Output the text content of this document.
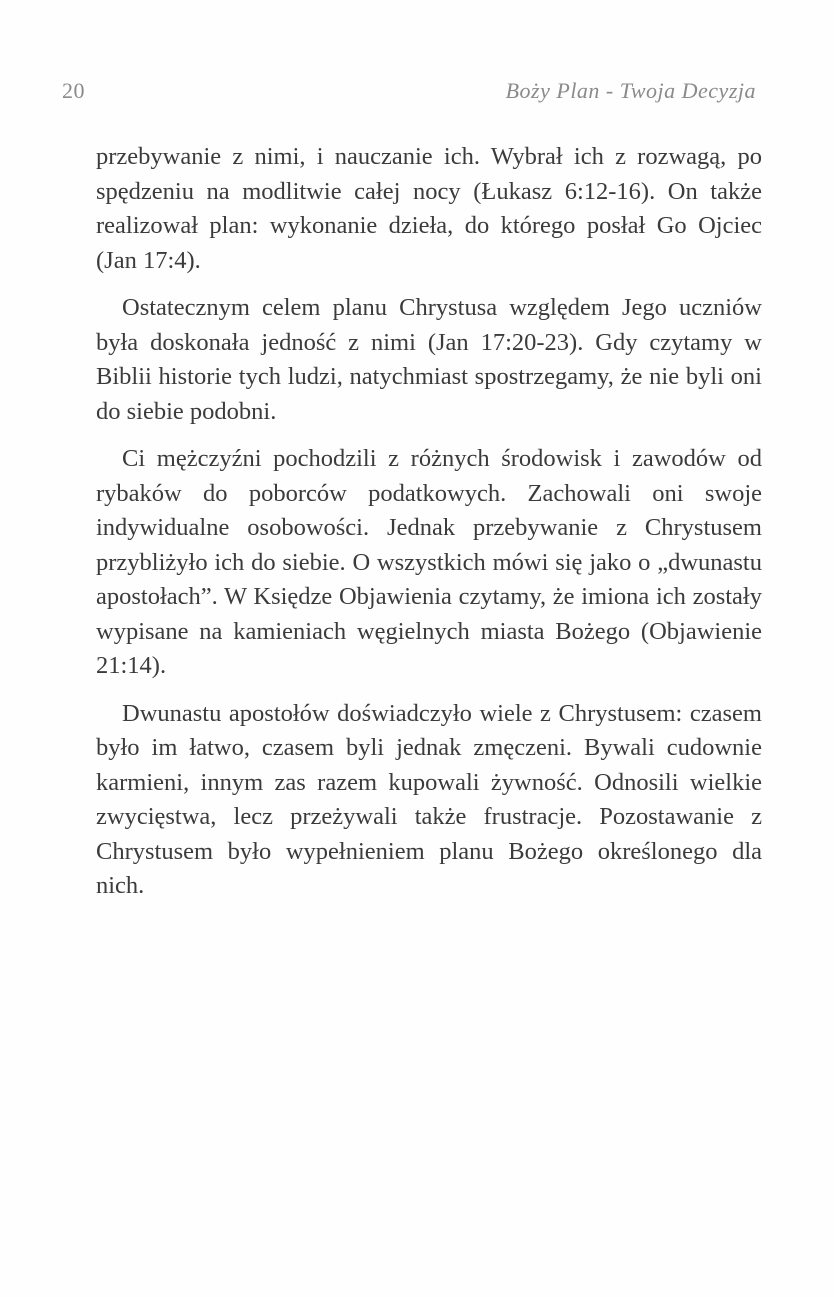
20	Boży Plan - Twoja Decyzja

przebywanie z nimi, i nauczanie ich. Wybrał ich z rozwagą, po spędzeniu na modlitwie całej nocy (Łukasz 6:12-16). On także realizował plan: wykonanie dzieła, do którego posłał Go Ojciec (Jan 17:4).

Ostatecznym celem planu Chrystusa względem Jego uczniów była doskonała jedność z nimi (Jan 17:20-23). Gdy czytamy w Biblii historie tych ludzi, natychmiast spostrzegamy, że nie byli oni do siebie podobni.

Ci mężczyźni pochodzili z różnych środowisk i zawodów od rybaków do poborców podatkowych. Zachowali oni swoje indywidualne osobowości. Jednak przebywanie z Chrystusem przybliżyło ich do siebie. O wszystkich mówi się jako o „dwunastu apostołach”. W Księdze Objawienia czytamy, że imiona ich zostały wypisane na kamieniach węgielnych miasta Bożego (Objawienie 21:14).

Dwunastu apostołów doświadczyło wiele z Chrystusem: czasem było im łatwo, czasem byli jednak zmęczeni. Bywali cudownie karmieni, innym zas razem kupowali żywność. Odnosili wielkie zwycięstwa, lecz przeżywali także frustracje. Pozostawanie z Chrystusem było wypełnieniem planu Bożego określonego dla nich.
